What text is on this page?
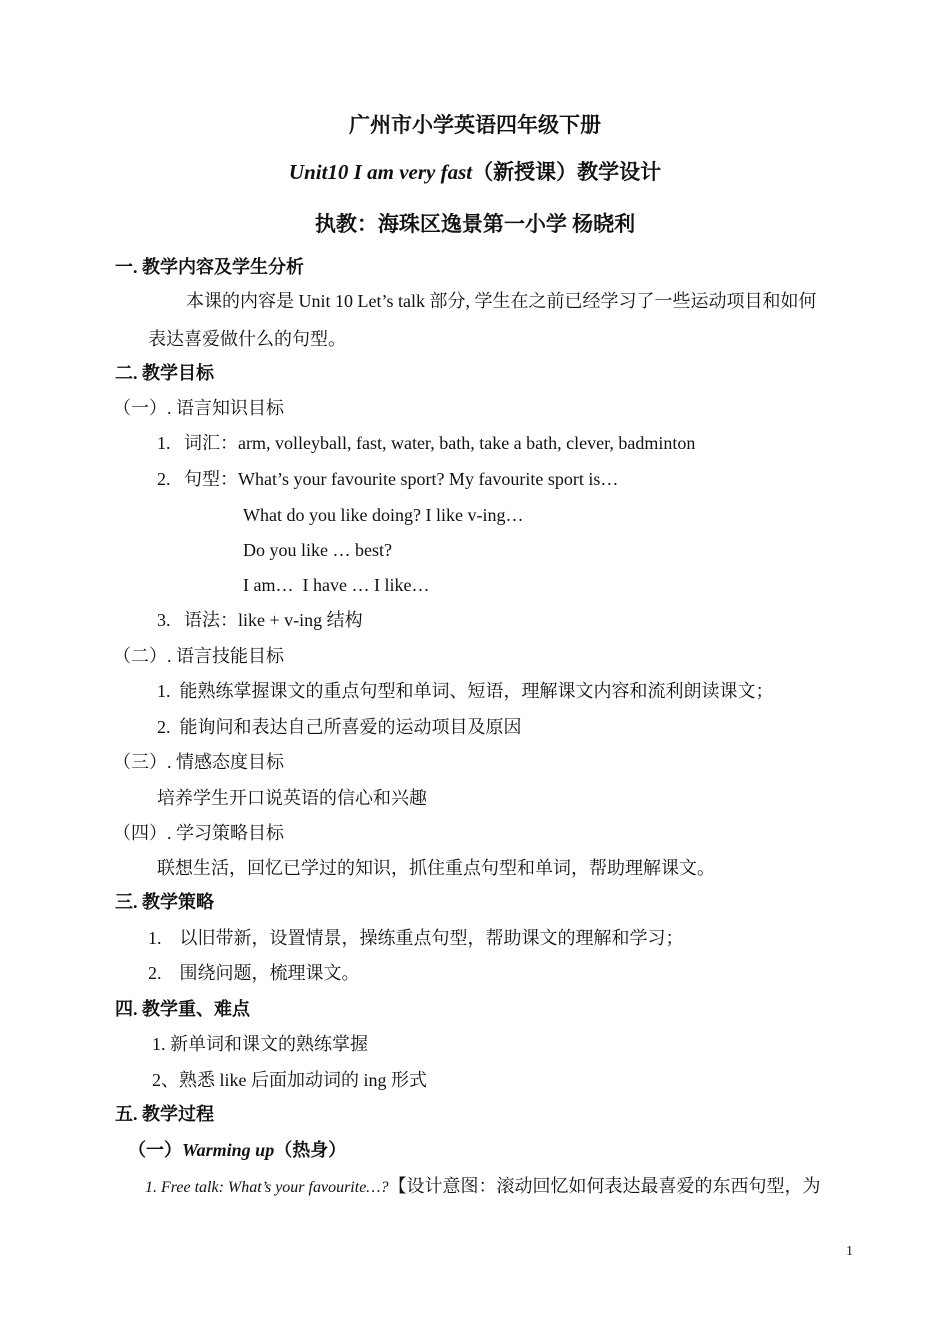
广州市小学英语四年级下册
Unit10 I am very fast（新授课）教学设计
执教：海珠区逸景第一小学 杨晓利
一. 教学内容及学生分析
本课的内容是 Unit 10 Let’s talk 部分, 学生在之前已经学习了一些运动项目和如何
表达喜爱做什么的句型。
二. 教学目标
（一）. 语言知识目标
1.   词汇：arm, volleyball, fast, water, bath, take a bath, clever, badminton
2.   句型：What’s your favourite sport? My favourite sport is…
What do you like doing? I like v-ing…
Do you like … best?
I am…  I have … I like…
3.   语法：like + v-ing 结构
（二）. 语言技能目标
1.  能熟练掌握课文的重点句型和单词、短语，理解课文内容和流利朗读课文；
2.  能询问和表达自己所喜爱的运动项目及原因
（三）. 情感态度目标
培养学生开口说英语的信心和兴趣
（四）. 学习策略目标
联想生活，回忆已学过的知识，抓住重点句型和单词，帮助理解课文。
三. 教学策略
1.    以旧带新，设置情景，操练重点句型，帮助课文的理解和学习；
2.    围绕问题，梳理课文。
四. 教学重、难点
1. 新单词和课文的熟练掌握
2、熟悉 like 后面加动词的 ing 形式
五. 教学过程
（一）Warming up（热身）
1. Free talk: What’s your favourite…?【设计意图：滚动回忆如何表达最喜爱的东西句型，为
1
